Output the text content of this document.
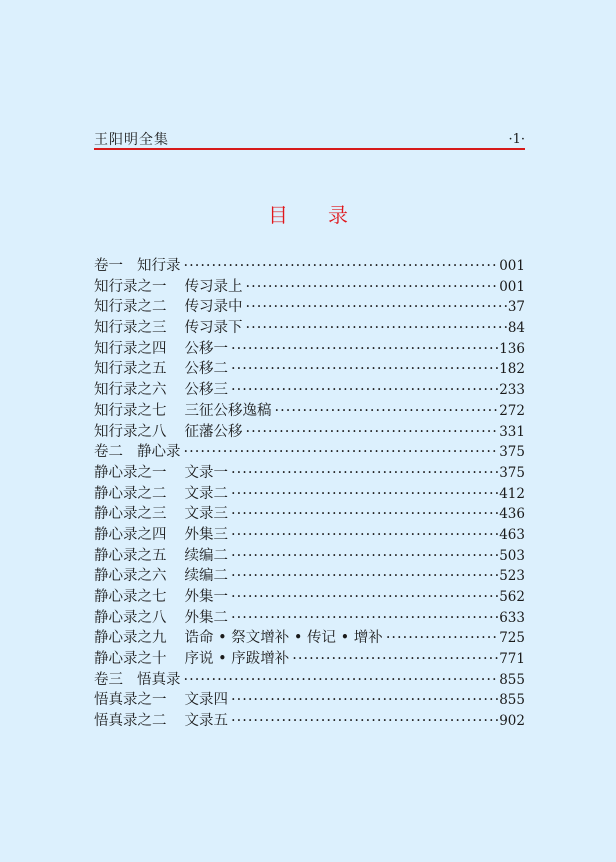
王阳明全集	·1·
目 录
卷一 知行录 ·····	001
知行录之一 传习录上 ·····	001
知行录之二 传习录中 ·····	37
知行录之三 传习录下 ·····	84
知行录之四 公移一 ·····	136
知行录之五 公移二 ·····	182
知行录之六 公移三 ·····	233
知行录之七 三征公移逸稿 ·····	272
知行录之八 征藩公移 ·····	331
卷二 静心录 ·····	375
静心录之一 文录一 ·····	375
静心录之二 文录二 ·····	412
静心录之三 文录三 ·····	436
静心录之四 外集三 ·····	463
静心录之五 续编二 ·····	503
静心录之六 续编二 ·····	523
静心录之七 外集一 ·····	562
静心录之八 外集二 ·····	633
静心录之九 诰命 • 祭文增补 • 传记 • 增补 ·····	725
静心录之十 序说 • 序跋增补 ·····	771
卷三 悟真录 ·····	855
悟真录之一 文录四 ·····	855
悟真录之二 文录五 ·····	902
